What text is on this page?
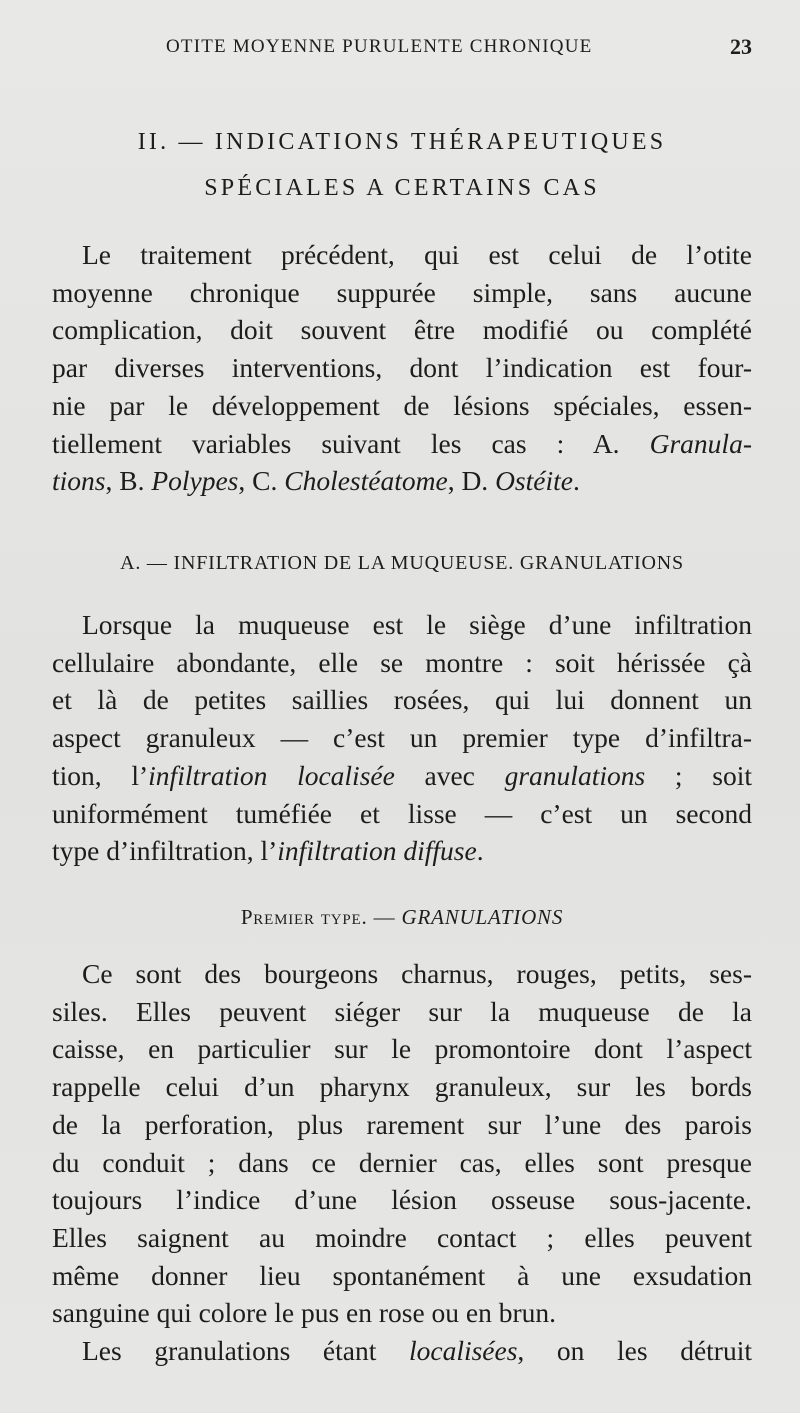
OTITE MOYENNE PURULENTE CHRONIQUE	23
II. — INDICATIONS THÉRAPEUTIQUES
SPÉCIALES A CERTAINS CAS
Le traitement précédent, qui est celui de l’otite
moyenne chronique suppurée simple, sans aucune
complication, doit souvent être modifié ou complété
par diverses interventions, dont l’indication est four-
nie par le développement de lésions spéciales, essen-
tiellement variables suivant les cas : A. Granula-
tions, B. Polypes, C. Cholestéatome, D. Ostéite.
A. — INFILTRATION DE LA MUQUEUSE. GRANULATIONS
Lorsque la muqueuse est le siège d’une infiltration
cellulaire abondante, elle se montre : soit hérissée çà
et là de petites saillies rosées, qui lui donnent un
aspect granuleux — c’est un premier type d’infiltra-
tion, l’infiltration localisée avec granulations ; soit
uniformément tuméfiée et lisse — c’est un second
type d’infiltration, l’infiltration diffuse.
Premier type. — GRANULATIONS
Ce sont des bourgeons charnus, rouges, petits, ses-
siles. Elles peuvent siéger sur la muqueuse de la
caisse, en particulier sur le promontoire dont l’aspect
rappelle celui d’un pharynx granuleux, sur les bords
de la perforation, plus rarement sur l’une des parois
du conduit ; dans ce dernier cas, elles sont presque
toujours l’indice d’une lésion osseuse sous-jacente.
Elles saignent au moindre contact ; elles peuvent
même donner lieu spontanément à une exsudation
sanguine qui colore le pus en rose ou en brun.
Les granulations étant localisées, on les détruit
